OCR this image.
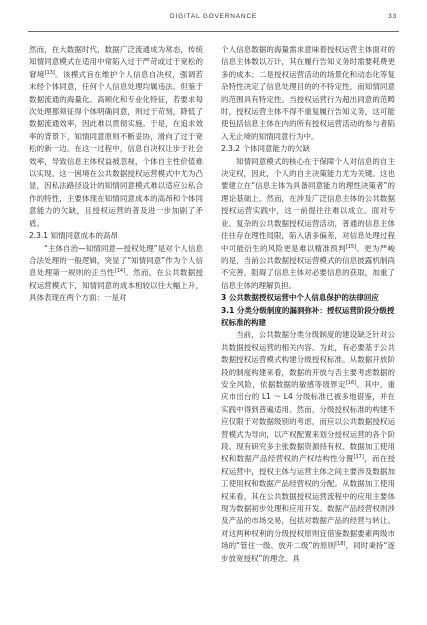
DIGITAL GOVERNANCE	33

然而，在大数据时代，数据广泛流通成为常态，传统知情同意模式在适用中常陷入过于严苛或过于宽松的窘境[13]。该模式旨在维护个人信息自决权，强调若未经个体同意，任何个人信息处理均属违法。但鉴于数据流通的海量化、高频化和专业化特征，若要求每次处理都须征得个体明确同意，则过于苛刻，降低了数据流通效率，因此难以贯彻实施。于是，在追求效率的背景下，知情同意原则不断妥协，滑向了过于宽松的新一边。在这一过程中，信息自决权让步于社会效率，导致信息主体权益被忽视，个体自主性价值难以实现。这一困境在公共数据授权运营模式中尤为凸显，因私法路径设计的知情同意模式难以适应公私合作的特性，主要体现在知情同意成本的高昂和个体同意能力的欠缺，且授权运营的普及进一步加剧了矛盾。

2.3.1 知情同意成本的高昂

“主体自治—知情同意—授权处理”是对个人信息合法处理的一般逻辑，突显了“知情同意”作为个人信息处理第一规则的正当性[14]。然而，在公共数据授权运营模式下，知情同意的成本相较以往大幅上升，具体表现在两个方面：一是对

个人信息数据的海量需求意味着授权运营主体面对的信息主体数以万计，其在履行告知义务时需要耗费更多的成本；二是授权运营活动的场景化和动态化等复杂特性决定了信息处理目的的不特定性，而知情同意的范围具有特定性。当授权运营行为超出同意的范畴时，授权运营主体不得不重复履行告知义务，这可能使包括信息主体在内的所有授权运营活动的参与者陷入无止境的知情同意行为中。

2.3.2 个体同意能力的欠缺

知情同意模式的核心在于保障个人对信息的自主决定权，因此，个人的自主决策能力尤为关键。这也要建立在“信息主体为具备同意能力的理性决策者”的理论基础上。然而，在涉及广泛信息主体的公共数据授权运营实践中，这一前提往往难以成立。面对专业、复杂的公共数据授权运营活动，普通的信息主体往往存在理性局限，陷入诸多偏差，对信息处理过程中可能衍生的风险更是难以精准预判[15]。更为严峻的是，当前公共数据授权运营模式的信息披露机制尚不完善，阻碍了信息主体对必要信息的获取，加重了信息主体的理解负担。

3 公共数据授权运营中个人信息保护的法律回应
3.1 分类分级制度的漏洞弥补：授权运营阶段分级授权标准的构建

当前，公共数据分类分级制度的建设缺乏针对公共数据授权运营的相关内容。为此，有必要基于公共数据授权运营模式构建分级授权标准。从数据开放阶段的制度构建来看，数据的开放与否主要考虑数据的安全风险，依据数据的敏感等级界定[16]。其中，重庆市出台的 L1 ～ L4 分级标准已被多地借鉴，并在实践中得到普遍适用。然而，分级授权标准的构建不应仅限于对数据级别的考虑，而应以公共数据授权运营模式为导向，以产权配置来划分授权运营的各个阶段。现有研究多主张数据资源持有权、数据加工使用权和数据产品经营权的产权结构性分置[17]，而在授权运营中，授权主体与运营主体之间主要涉及数据加工使用权和数据产品经营权的分配。从数据加工使用权来看，其在公共数据授权运营流程中的应用主要体现为数据初步处理和应用开发。数据产品经营权则涉及产品的市场交易，包括对数据产品的经营与转让。对这两种权利的分级授权原则宜借鉴数据要素两级市场的“管住一级、放开二级”的原则[18]，同时秉持“逐步放宽授权”的理念。具
